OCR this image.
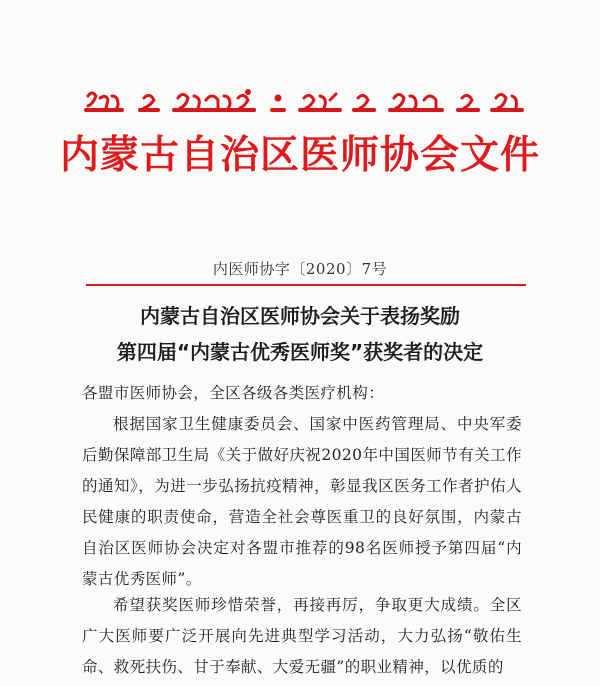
内蒙古自治区医师协会文件
内医师协字〔2020〕7号
内蒙古自治区医师协会关于表扬奖励
第四届“内蒙古优秀医师奖”获奖者的决定
各盟市医师协会，全区各级各类医疗机构：
根据国家卫生健康委员会、国家中医药管理局、中央军委后勤保障部卫生局《关于做好庆祝2020年中国医师节有关工作的通知》，为进一步弘扬抗疫精神，彰显我区医务工作者护佑人民健康的职责使命，营造全社会尊医重卫的良好氛围，内蒙古自治区医师协会决定对各盟市推荐的98名医师授予第四届“内蒙古优秀医师”。
希望获奖医师珍惜荣誉，再接再厉，争取更大成绩。全区广大医师要广泛开展向先进典型学习活动，大力弘扬“敬佑生命、救死扶伤、甘于奉献、大爱无疆”的职业精神，以优质的
